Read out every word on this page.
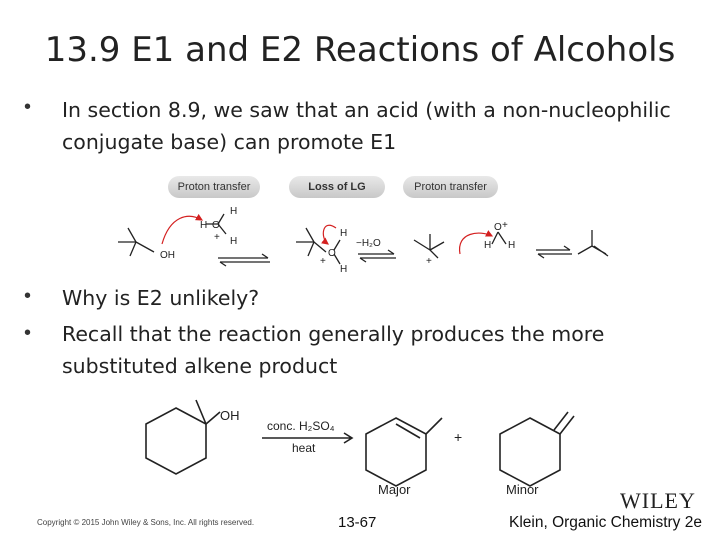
13.9 E1 and E2 Reactions of Alcohols
• In section 8.9, we saw that an acid (with a non-nucleophilic conjugate base) can promote E1
Proton transfer	Loss of LG	Proton transfer
OH
H
H O
+ H
H
O
+
H
−H₂O
+
H
O +
H
• Why is E2 unlikely?
• Recall that the reaction generally produces the more substituted alkene product
OH
conc. H₂SO₄
heat
+
Major	Minor
Copyright © 2015 John Wiley & Sons, Inc. All rights reserved.	13-67	Klein, Organic Chemistry 2e
WILEY
